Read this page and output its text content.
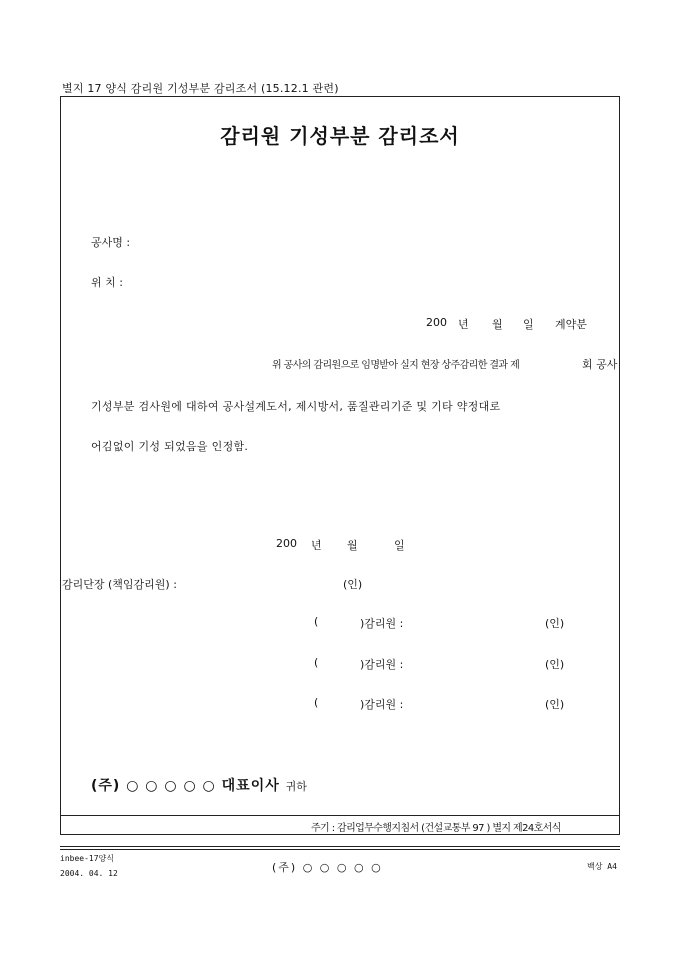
별지 17 양식 감리원 기성부분 감리조서 (15.12.1 관련)
감리원 기성부분 감리조서
공사명 :
위 치 :
200 년 월 일 계약분
위 공사의 감리원으로 임명받아 실지 현장 상주감리한 결과 제	회 공사
기성부분 검사원에 대하여 공사설계도서, 제시방서, 품질관리기준 및 기타 약정대로
어김없이 기성 되었음을 인정함.
200 년 월	일
감리단장 (책임감리원) :	(인)
(	)감리원 :	(인)
(	)감리원 :	(인)
(	)감리원 :	(인)
(주) ○ ○ ○ ○ ○ 대표이사 귀하
주기 : 감리업무수행지침서 (건설교통부 97 ) 별지 제24호서식
inbee-17양식
2004. 04. 12	(주) ○ ○ ○ ○ ○	백상 A4
